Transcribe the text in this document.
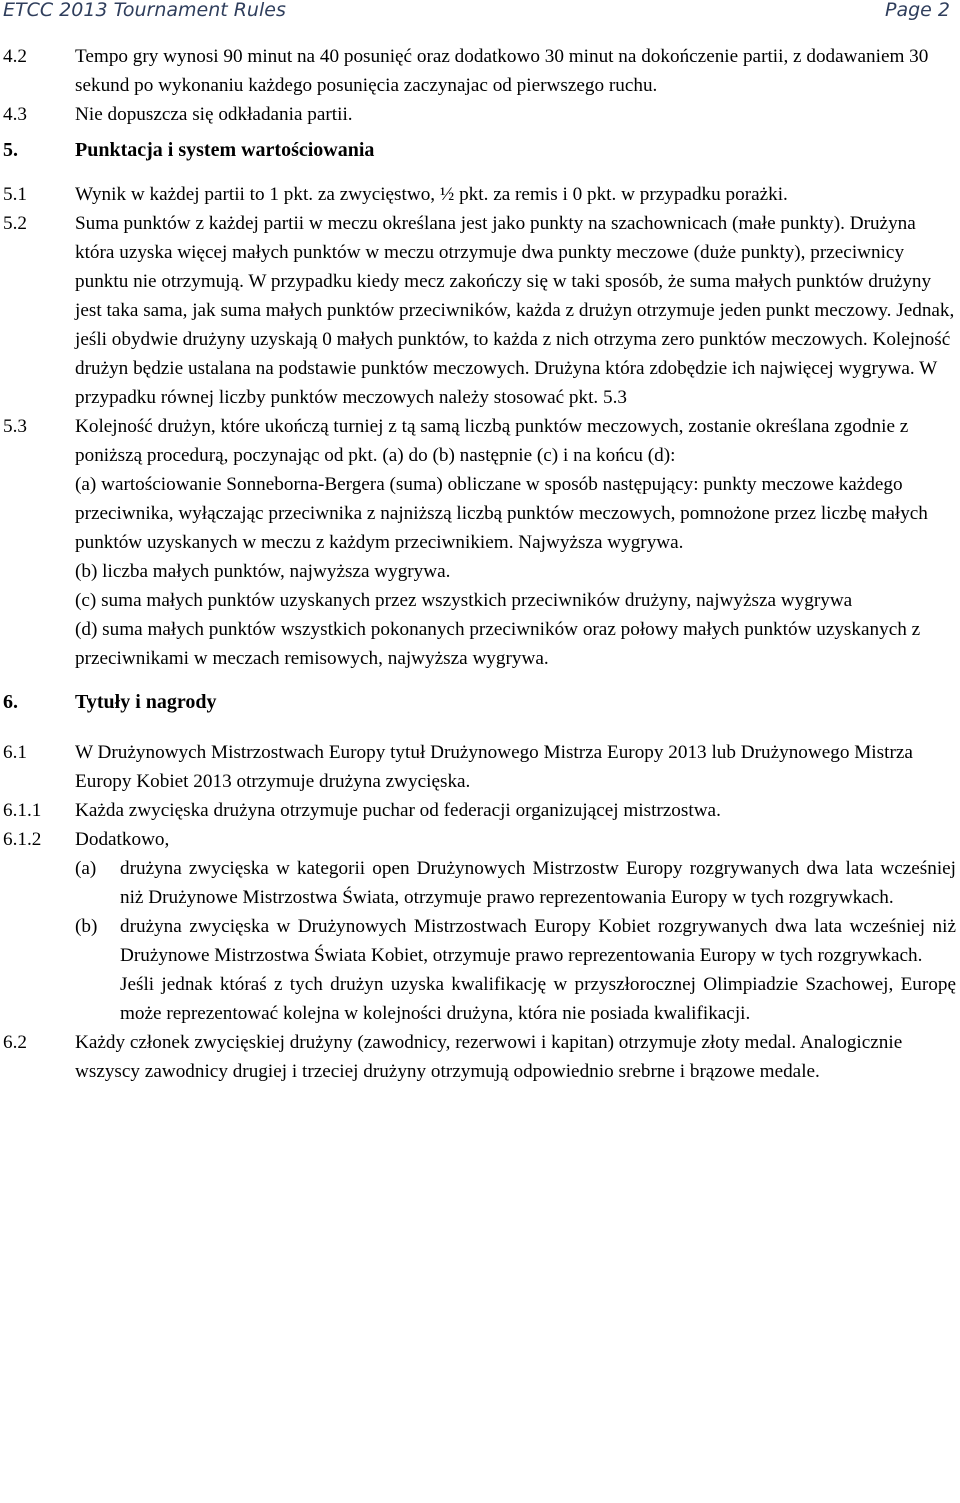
ETCC 2013 Tournament Rules	Page 2
4.2	Tempo gry wynosi 90 minut na 40 posunięć oraz dodatkowo 30 minut na dokończenie partii, z dodawaniem 30 sekund po wykonaniu każdego posunięcia zaczynajac od pierwszego ruchu.

4.3	Nie dopuszcza się odkładania partii.

5.	Punktacja i system wartościowania
5.1	Wynik w każdej partii to 1 pkt. za zwycięstwo, ½ pkt. za remis i 0 pkt. w przypadku porażki.

5.2	Suma punktów z każdej partii w meczu określana jest jako punkty na szachownicach (małe punkty). Drużyna która uzyska więcej małych punktów w meczu otrzymuje dwa punkty meczowe (duże punkty), przeciwnicy punktu nie otrzymują. W przypadku kiedy mecz zakończy się w taki sposób, że suma małych punktów drużyny jest taka sama, jak suma małych punktów przeciwników, każda z drużyn otrzymuje jeden punkt meczowy. Jednak, jeśli obydwie drużyny uzyskają 0 małych punktów, to każda z nich otrzyma zero punktów meczowych. Kolejność drużyn będzie ustalana na podstawie punktów meczowych. Drużyna która zdobędzie ich najwięcej wygrywa. W przypadku równej liczby punktów meczowych należy stosować pkt. 5.3

5.3	Kolejność drużyn, które ukończą turniej z tą samą liczbą punktów meczowych, zostanie określana zgodnie z poniższą procedurą, poczynając od pkt. (a) do (b) następnie (c) i na końcu (d):

(a) wartościowanie Sonneborna-Bergera (suma) obliczane w sposób następujący: punkty meczowe każdego przeciwnika, wyłączając przeciwnika z najniższą liczbą punktów meczowych, pomnożone przez liczbę małych punktów uzyskanych w meczu z każdym przeciwnikiem. Najwyższa wygrywa.

(b) liczba małych punktów, najwyższa wygrywa.

(c) suma małych punktów uzyskanych przez wszystkich przeciwników drużyny, najwyższa wygrywa

(d) suma małych punktów wszystkich pokonanych przeciwników oraz połowy małych punktów uzyskanych z przeciwnikami w meczach remisowych, najwyższa wygrywa.

6.	Tytuły i nagrody
6.1	W Drużynowych Mistrzostwach Europy tytuł Drużynowego Mistrza Europy 2013 lub Drużynowego Mistrza Europy Kobiet 2013 otrzymuje drużyna zwycięska.

6.1.1 Każda zwycięska drużyna otrzymuje puchar od federacji organizującej mistrzostwa.

6.1.2 Dodatkowo,

(a) drużyna zwycięska w kategorii open Drużynowych Mistrzostw Europy rozgrywanych dwa lata wcześniej niż Drużynowe Mistrzostwa Świata, otrzymuje prawo reprezentowania Europy w tych rozgrywkach.

(b) drużyna zwycięska w Drużynowych Mistrzostwach Europy Kobiet rozgrywanych dwa lata wcześniej niż Drużynowe Mistrzostwa Świata Kobiet, otrzymuje prawo reprezentowania Europy w tych rozgrywkach.

Jeśli jednak któraś z tych drużyn uzyska kwalifikację w przyszłorocznej Olimpiadzie Szachowej, Europę może reprezentować kolejna w kolejności drużyna, która nie posiada kwalifikacji.

6.2	Każdy członek zwycięskiej drużyny (zawodnicy, rezerwowi i kapitan) otrzymuje złoty medal. Analogicznie wszyscy zawodnicy drugiej i trzeciej drużyny otrzymują odpowiednio srebrne i brązowe medale.
